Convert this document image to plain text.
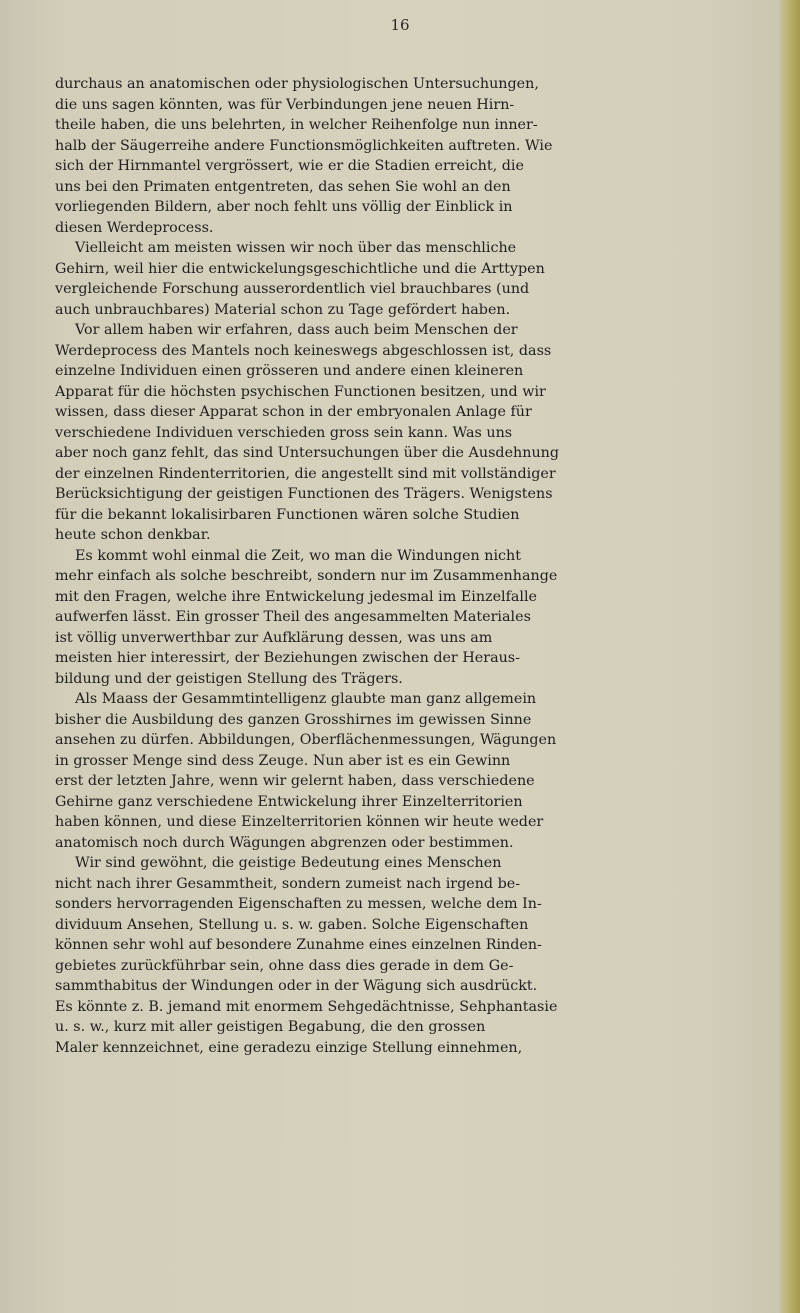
16
durchaus an anatomischen oder physiologischen Untersuchungen,
die uns sagen könnten, was für Verbindungen jene neuen Hirn-
theile haben, die uns belehrten, in welcher Reihenfolge nun inner-
halb der Säugerreihe andere Functionsmöglichkeiten auftreten. Wie
sich der Hirnmantel vergrössert, wie er die Stadien erreicht, die
uns bei den Primaten entgentreten, das sehen Sie wohl an den
vorliegenden Bildern, aber noch fehlt uns völlig der Einblick in
diesen Werdeprocess.
Vielleicht am meisten wissen wir noch über das menschliche
Gehirn, weil hier die entwickelungsgeschichtliche und die Arttypen
vergleichende Forschung ausserordentlich viel brauchbares (und
auch unbrauchbares) Material schon zu Tage gefördert haben.
Vor allem haben wir erfahren, dass auch beim Menschen der
Werdeprocess des Mantels noch keineswegs abgeschlossen ist, dass
einzelne Individuen einen grösseren und andere einen kleineren
Apparat für die höchsten psychischen Functionen besitzen, und wir
wissen, dass dieser Apparat schon in der embryonalen Anlage für
verschiedene Individuen verschieden gross sein kann. Was uns
aber noch ganz fehlt, das sind Untersuchungen über die Ausdehnung
der einzelnen Rindenterritorien, die angestellt sind mit vollständiger
Berücksichtigung der geistigen Functionen des Trägers. Wenigstens
für die bekannt lokalisirbaren Functionen wären solche Studien
heute schon denkbar.
Es kommt wohl einmal die Zeit, wo man die Windungen nicht
mehr einfach als solche beschreibt, sondern nur im Zusammenhange
mit den Fragen, welche ihre Entwickelung jedesmal im Einzelfalle
aufwerfen lässt. Ein grosser Theil des angesammelten Materiales
ist völlig unverwerthbar zur Aufklärung dessen, was uns am
meisten hier interessirt, der Beziehungen zwischen der Heraus-
bildung und der geistigen Stellung des Trägers.
Als Maass der Gesammtintelligenz glaubte man ganz allgemein
bisher die Ausbildung des ganzen Grosshirnes im gewissen Sinne
ansehen zu dürfen. Abbildungen, Oberflächenmessungen, Wägungen
in grosser Menge sind dess Zeuge. Nun aber ist es ein Gewinn
erst der letzten Jahre, wenn wir gelernt haben, dass verschiedene
Gehirne ganz verschiedene Entwickelung ihrer Einzelterritorien
haben können, und diese Einzelterritorien können wir heute weder
anatomisch noch durch Wägungen abgrenzen oder bestimmen.
Wir sind gewöhnt, die geistige Bedeutung eines Menschen
nicht nach ihrer Gesammtheit, sondern zumeist nach irgend be-
sonders hervorragenden Eigenschaften zu messen, welche dem In-
dividuum Ansehen, Stellung u. s. w. gaben. Solche Eigenschaften
können sehr wohl auf besondere Zunahme eines einzelnen Rinden-
gebietes zurückführbar sein, ohne dass dies gerade in dem Ge-
sammthabitus der Windungen oder in der Wägung sich ausdrückt.
Es könnte z. B. jemand mit enormem Sehgedächtnisse, Sehphantasie
u. s. w., kurz mit aller geistigen Begabung, die den grossen
Maler kennzeichnet, eine geradezu einzige Stellung einnehmen,
